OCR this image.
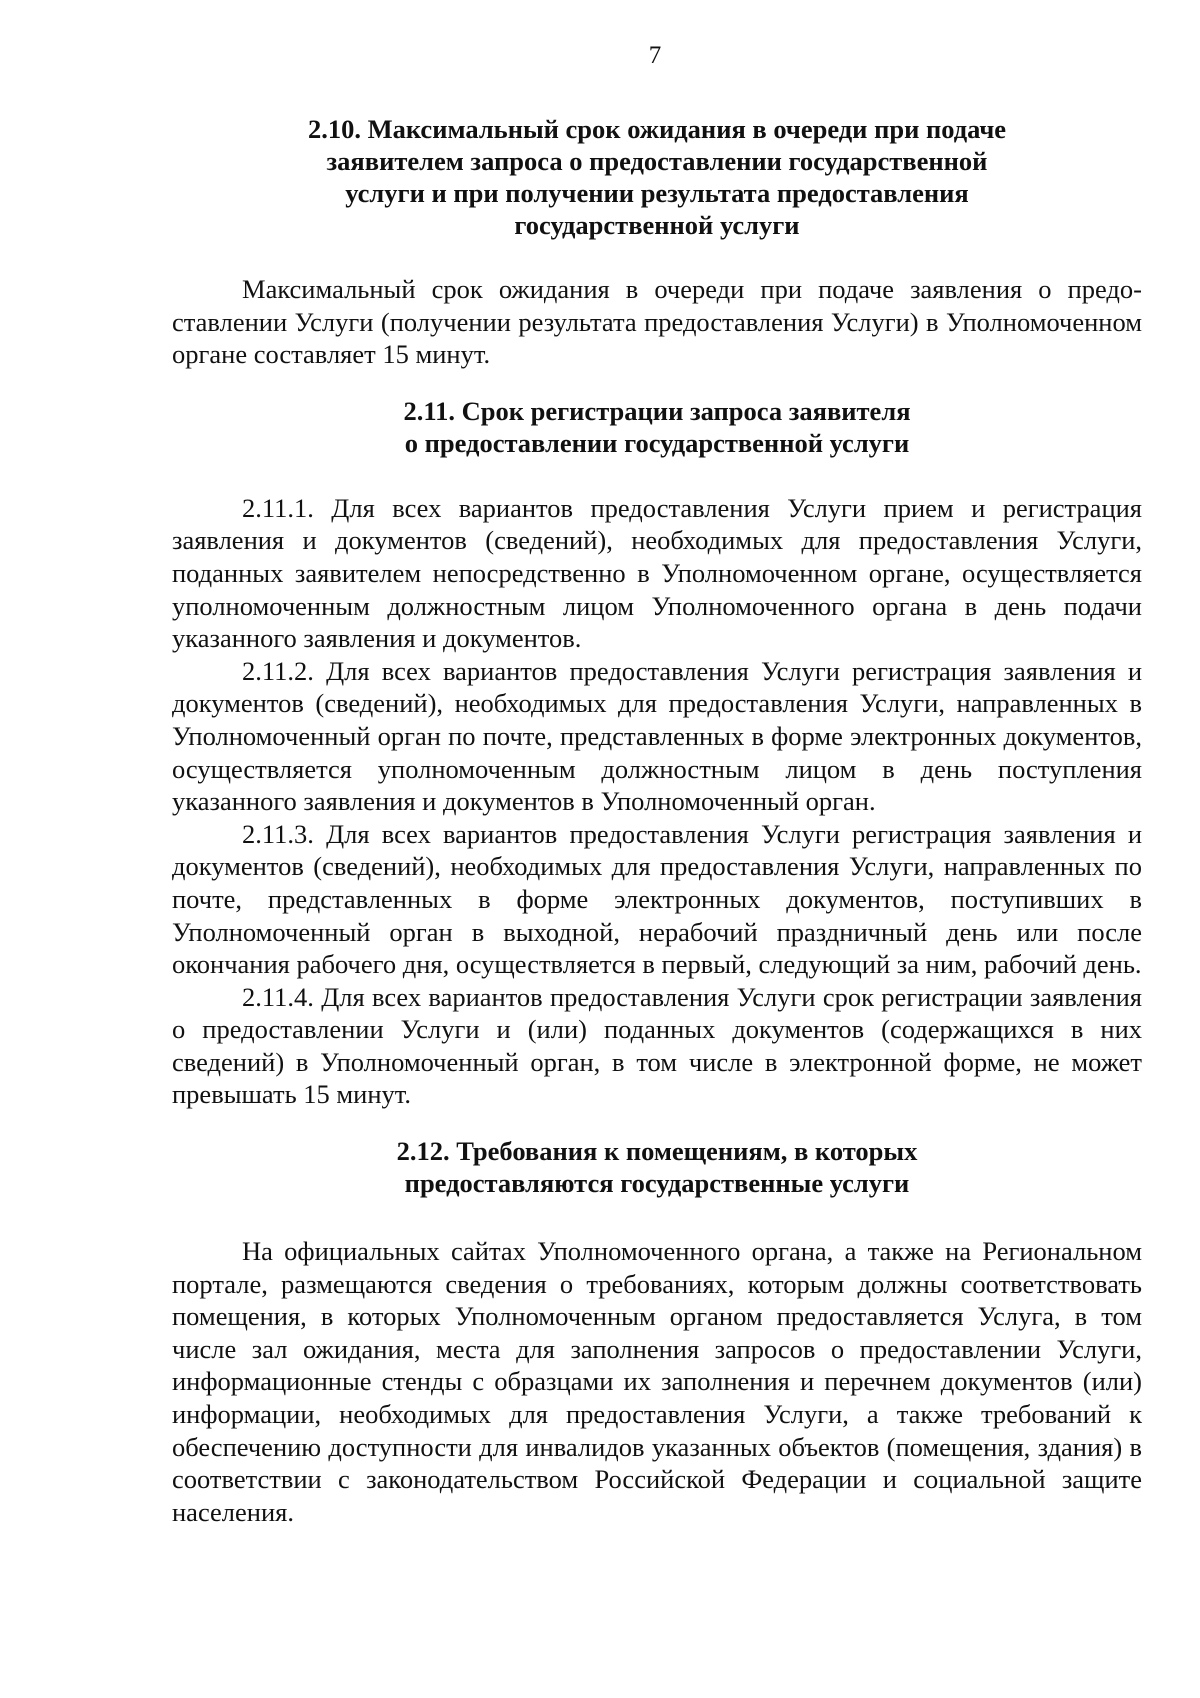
7
2.10. Максимальный срок ожидания в очереди при подаче
заявителем запроса о предоставлении государственной
услуги и при получении результата предоставления
государственной услуги

Максимальный срок ожидания в очереди при подаче заявления о предоставлении Услуги (получении результата предоставления Услуги) в Уполномоченном органе составляет 15 минут.

2.11. Срок регистрации запроса заявителя
о предоставлении государственной услуги

2.11.1. Для всех вариантов предоставления Услуги прием и регистрация заявления и документов (сведений), необходимых для предоставления Услуги, поданных заявителем непосредственно в Уполномоченном органе, осуществляется уполномоченным должностным лицом Уполномоченного органа в день подачи указанного заявления и документов.

2.11.2. Для всех вариантов предоставления Услуги регистрация заявления и документов (сведений), необходимых для предоставления Услуги, направленных в Уполномоченный орган по почте, представленных в форме электронных документов, осуществляется уполномоченным должностным лицом в день поступления указанного заявления и документов в Уполномоченный орган.

2.11.3. Для всех вариантов предоставления Услуги регистрация заявления и документов (сведений), необходимых для предоставления Услуги, направленных по почте, представленных в форме электронных документов, поступивших в Уполномоченный орган в выходной, нерабочий праздничный день или после окончания рабочего дня, осуществляется в первый, следующий за ним, рабочий день.

2.11.4. Для всех вариантов предоставления Услуги срок регистрации заявления о предоставлении Услуги и (или) поданных документов (содержащихся в них сведений) в Уполномоченный орган, в том числе в электронной форме, не может превышать 15 минут.

2.12. Требования к помещениям, в которых
предоставляются государственные услуги

На официальных сайтах Уполномоченного органа, а также на Региональном портале, размещаются сведения о требованиях, которым должны соответствовать помещения, в которых Уполномоченным органом предоставляется Услуга, в том числе зал ожидания, места для заполнения запросов о предоставлении Услуги, информационные стенды с образцами их заполнения и перечнем документов (или) информации, необходимых для предоставления Услуги, а также требований к обеспечению доступности для инвалидов указанных объектов (помещения, здания) в соответствии с законодательством Российской Федерации и социальной защите населения.
